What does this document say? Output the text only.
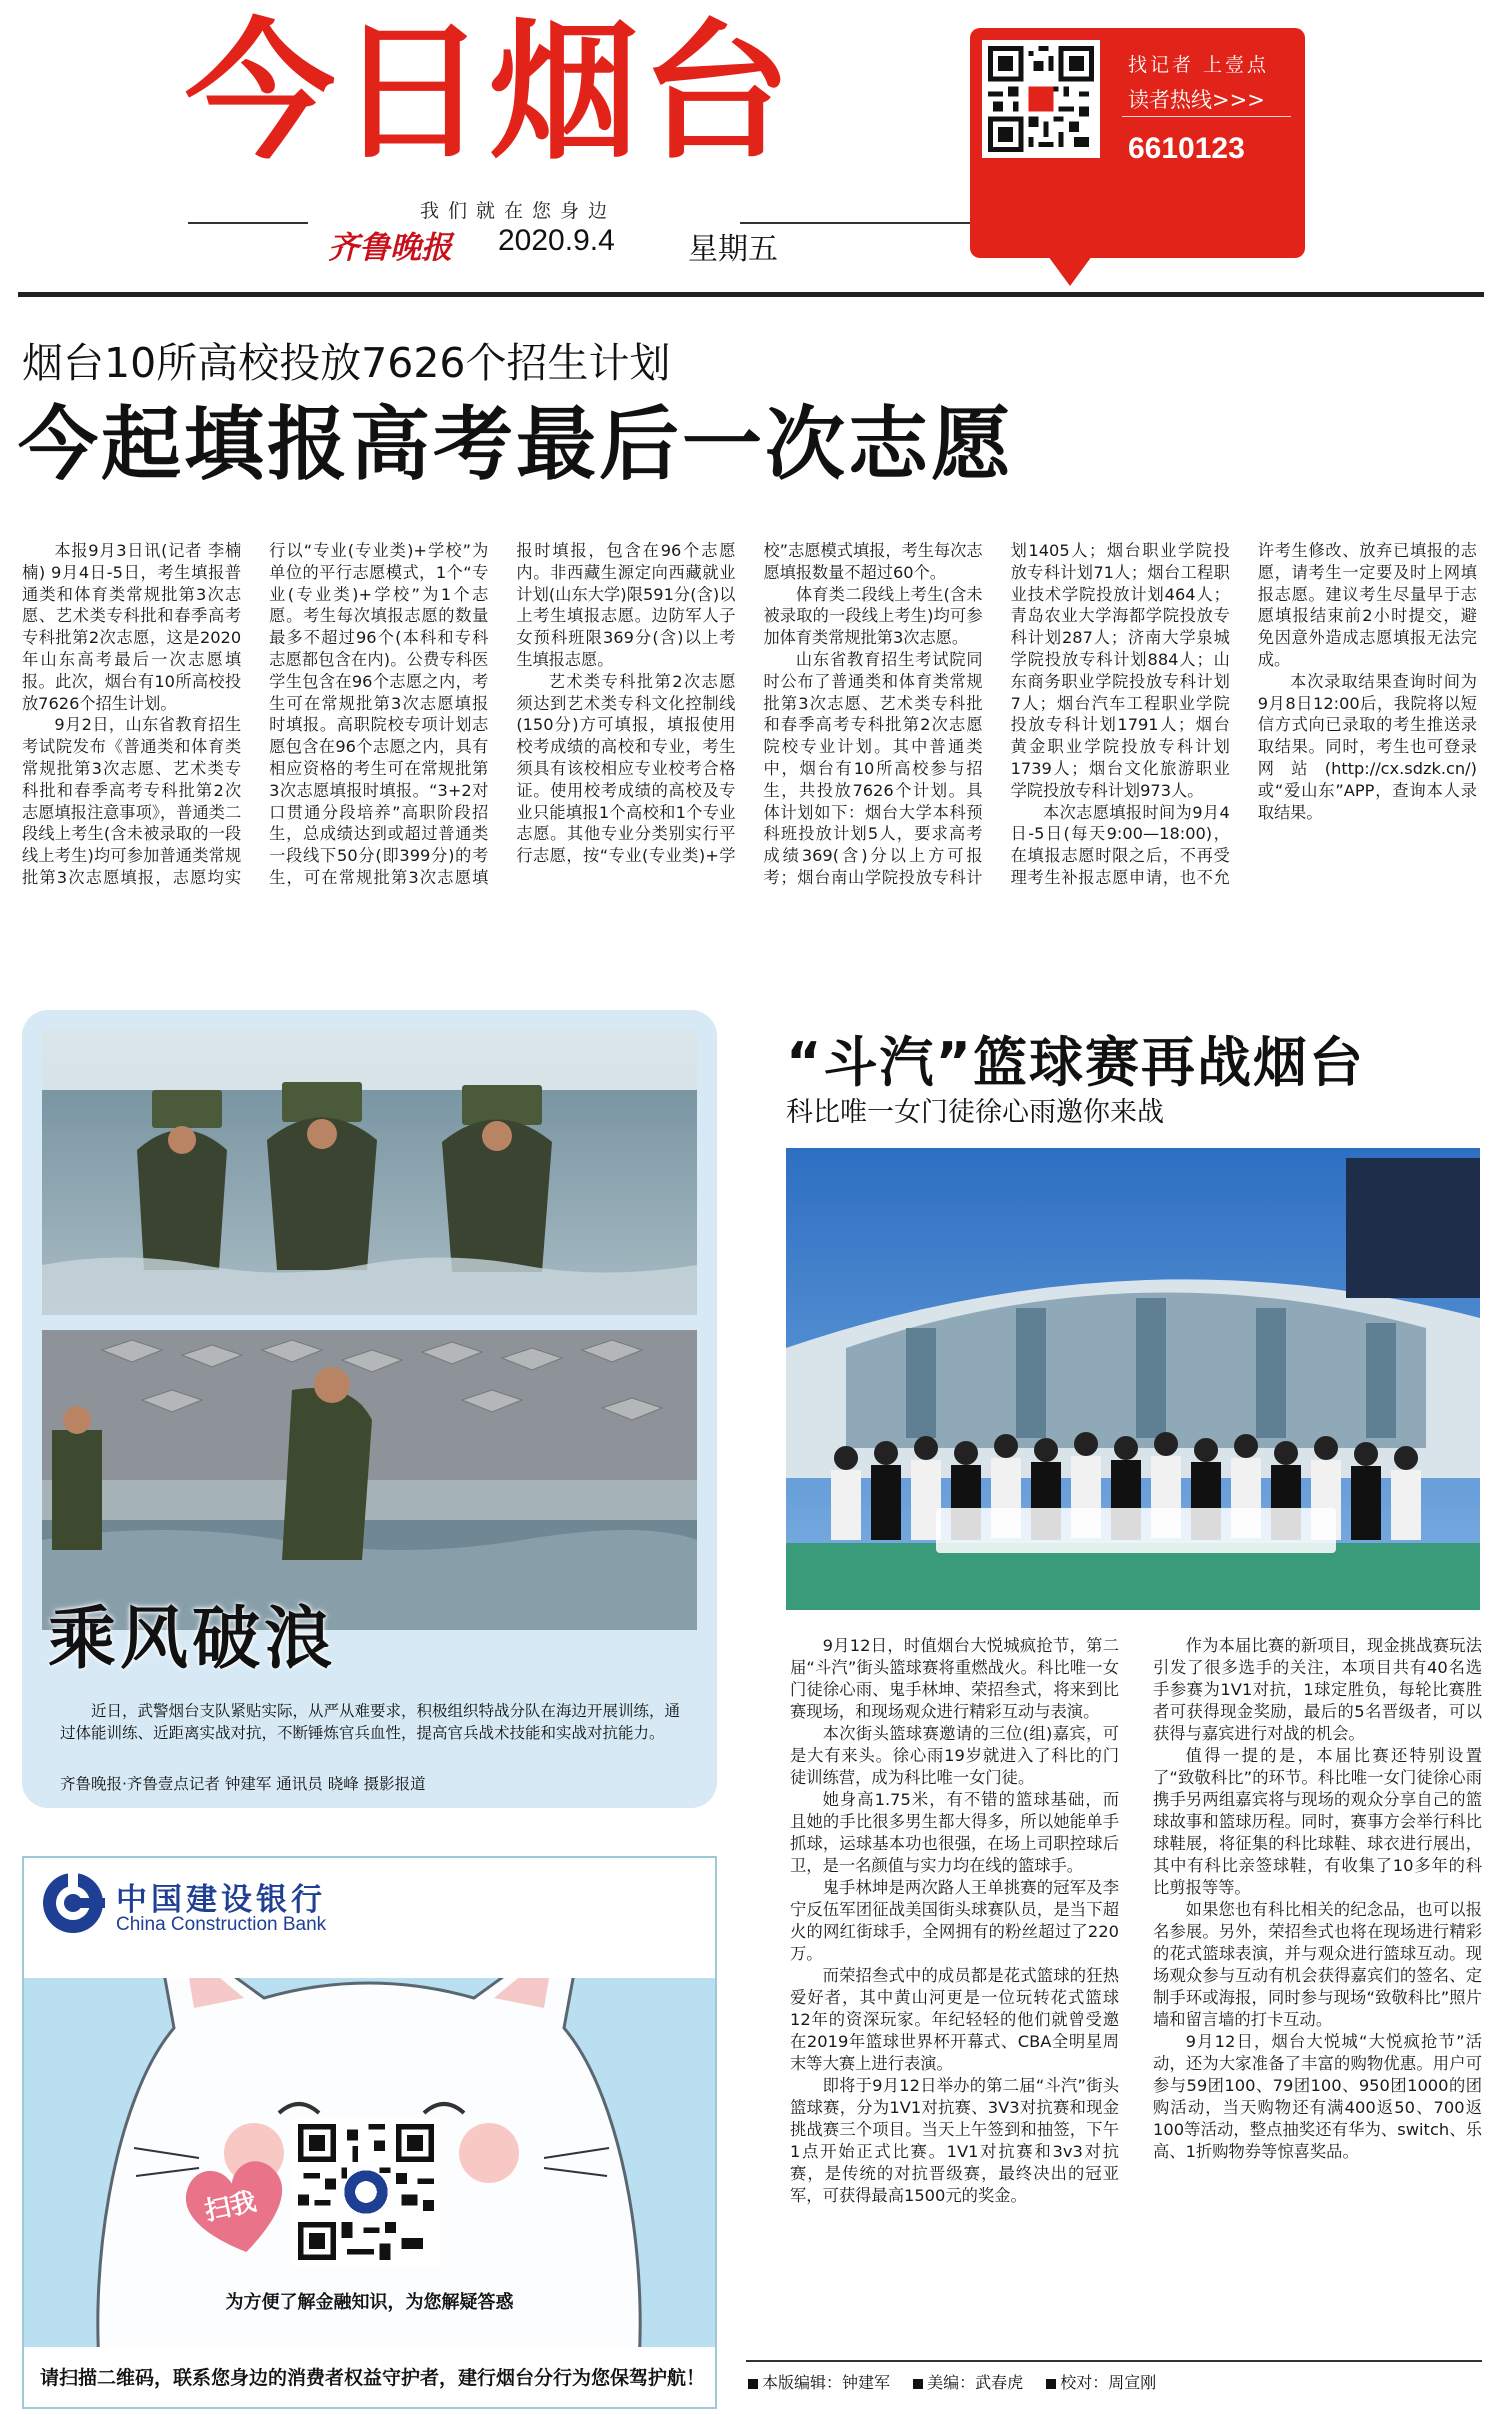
今日烟台
我们就在您身边
齐鲁晚报 2020.9.4 星期五
找记者 上壹点
读者热线>>>
6610123
烟台10所高校投放7626个招生计划
今起填报高考最后一次志愿

本报9月3日讯(记者 李楠楠) 9月4日-5日，考生填报普通类和体育类常规批第3次志愿、艺术类专科批和春季高考专科批第2次志愿，这是2020年山东高考最后一次志愿填报。此次，烟台有10所高校投放7626个招生计划。

9月2日，山东省教育招生考试院发布《普通类和体育类常规批第3次志愿、艺术类专科批和春季高考专科批第2次志愿填报注意事项》，普通类二段线上考生(含未被录取的一段线上考生)均可参加普通类常规批第3次志愿填报，志愿均实行以“专业(专业类)+学校”为单位的平行志愿模式，1个“专业(专业类)+学校”为1个志愿。考生每次填报志愿的数量最多不超过96个(本科和专科志愿都包含在内)。公费专科医学生包含在96个志愿之内，考生可在常规批第3次志愿填报时填报。高职院校专项计划志愿包含在96个志愿之内，具有相应资格的考生可在常规批第3次志愿填报时填报。“3+2对口贯通分段培养”高职阶段招生，总成绩达到或超过普通类一段线下50分(即399分)的考生，可在常规批第3次志愿填报时填报，包含在96个志愿内。非西藏生源定向西藏就业计划(山东大学)限591分(含)以上考生填报志愿。边防军人子女预科班限369分(含)以上考生填报志愿。

艺术类专科批第2次志愿须达到艺术类专科文化控制线(150分)方可填报，填报使用校考成绩的高校和专业，考生须具有该校相应专业校考合格证。使用校考成绩的高校及专业只能填报1个高校和1个专业志愿。其他专业分类别实行平行志愿，按“专业(专业类)+学校”志愿模式填报，考生每次志愿填报数量不超过60个。

体育类二段线上考生(含未被录取的一段线上考生)均可参加体育类常规批第3次志愿。

山东省教育招生考试院同时公布了普通类和体育类常规批第3次志愿、艺术类专科批和春季高考专科批第2次志愿院校专业计划。其中普通类中，烟台有10所高校参与招生，共投放7626个计划。具体计划如下：烟台大学本科预科班投放计划5人，要求高考成绩369(含)分以上方可报考；烟台南山学院投放专科计划1405人；烟台职业学院投放专科计划71人；烟台工程职业技术学院投放计划464人；青岛农业大学海都学院投放专科计划287人；济南大学泉城学院投放专科计划884人；山东商务职业学院投放专科计划7人；烟台汽车工程职业学院投放专科计划1791人；烟台黄金职业学院投放专科计划1739人；烟台文化旅游职业学院投放专科计划973人。

本次志愿填报时间为9月4日-5日(每天9:00—18:00)，在填报志愿时限之后，不再受理考生补报志愿申请，也不允许考生修改、放弃已填报的志愿，请考生一定要及时上网填报志愿。建议考生尽量早于志愿填报结束前2小时提交，避免因意外造成志愿填报无法完成。

本次录取结果查询时间为9月8日12:00后，我院将以短信方式向已录取的考生推送录取结果。同时，考生也可登录网站(http://cx.sdzk.cn/)或“爱山东”APP，查询本人录取结果。

乘风破浪
近日，武警烟台支队紧贴实际，从严从难要求，积极组织特战分队在海边开展训练，通过体能训练、近距离实战对抗，不断锤炼官兵血性，提高官兵战术技能和实战对抗能力。
齐鲁晚报·齐鲁壹点记者 钟建军 通讯员 晓峰 摄影报道
中国建设银行
China Construction Bank
扫我
为方便了解金融知识，为您解疑答惑
请扫描二维码，联系您身边的消费者权益守护者，建行烟台分行为您保驾护航！
“斗汽”篮球赛再战烟台
科比唯一女门徒徐心雨邀你来战

9月12日，时值烟台大悦城疯抢节，第二届“斗汽”街头篮球赛将重燃战火。科比唯一女门徒徐心雨、鬼手林坤、荣招叁式，将来到比赛现场，和现场观众进行精彩互动与表演。

本次街头篮球赛邀请的三位(组)嘉宾，可是大有来头。徐心雨19岁就进入了科比的门徒训练营，成为科比唯一女门徒。

她身高1.75米，有不错的篮球基础，而且她的手比很多男生都大得多，所以她能单手抓球，运球基本功也很强，在场上司职控球后卫，是一名颜值与实力均在线的篮球手。

鬼手林坤是两次路人王单挑赛的冠军及李宁反伍军团征战美国街头球赛队员，是当下超火的网红街球手，全网拥有的粉丝超过了220万。

而荣招叁式中的成员都是花式篮球的狂热爱好者，其中黄山河更是一位玩转花式篮球12年的资深玩家。年纪轻轻的他们就曾受邀在2019年篮球世界杯开幕式、CBA全明星周末等大赛上进行表演。

即将于9月12日举办的第二届“斗汽”街头篮球赛，分为1V1对抗赛、3V3对抗赛和现金挑战赛三个项目。当天上午签到和抽签，下午1点开始正式比赛。1V1对抗赛和3v3对抗赛，是传统的对抗晋级赛，最终决出的冠亚军，可获得最高1500元的奖金。

作为本届比赛的新项目，现金挑战赛玩法引发了很多选手的关注，本项目共有40名选手参赛为1V1对抗，1球定胜负，每轮比赛胜者可获得现金奖励，最后的5名晋级者，可以获得与嘉宾进行对战的机会。

值得一提的是，本届比赛还特别设置了“致敬科比”的环节。科比唯一女门徒徐心雨携手另两组嘉宾将与现场的观众分享自己的篮球故事和篮球历程。同时，赛事方会举行科比球鞋展，将征集的科比球鞋、球衣进行展出，其中有科比亲签球鞋，有收集了10多年的科比剪报等等。

如果您也有科比相关的纪念品，也可以报名参展。另外，荣招叁式也将在现场进行精彩的花式篮球表演，并与观众进行篮球互动。现场观众参与互动有机会获得嘉宾们的签名、定制手环或海报，同时参与现场“致敬科比”照片墙和留言墙的打卡互动。

9月12日，烟台大悦城“大悦疯抢节”活动，还为大家准备了丰富的购物优惠。用户可参与59团100、79团100、950团1000的团购活动，当天购物还有满400返50、700返100等活动，整点抽奖还有华为、switch、乐高、1折购物券等惊喜奖品。

本版编辑：钟建军 美编：武春虎 校对：周宣刚
